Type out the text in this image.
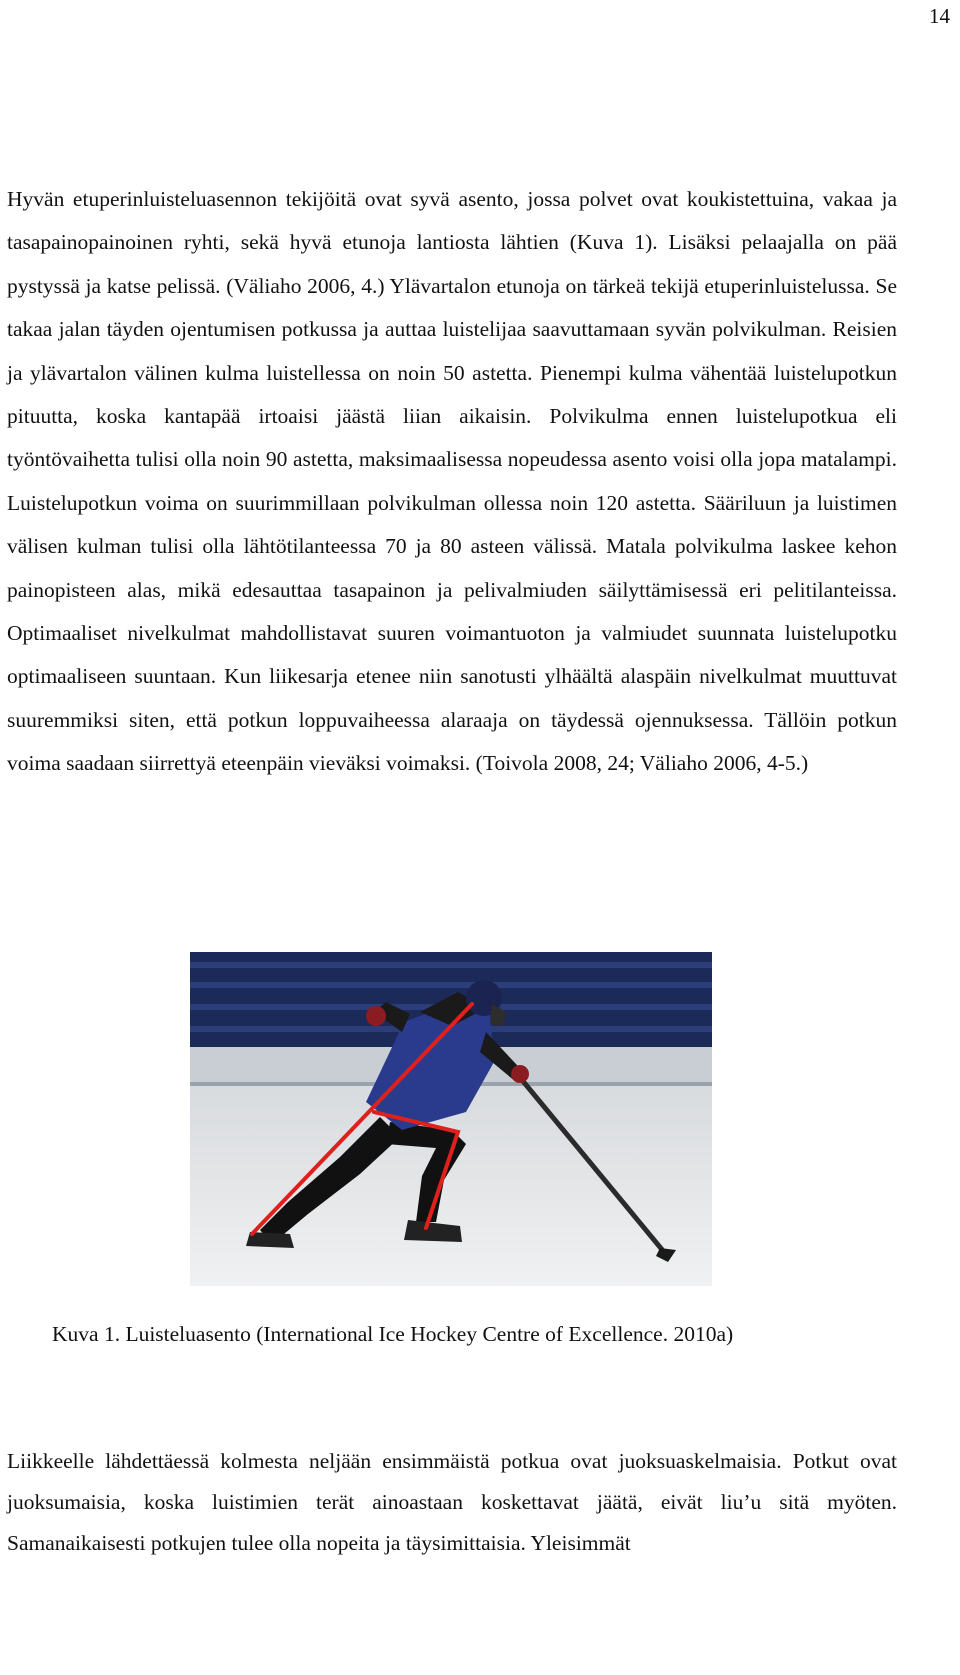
14

Hyvän etuperinluisteluasennon tekijöitä ovat syvä asento, jossa polvet ovat koukistettuina, vakaa ja tasapainopainoinen ryhti, sekä hyvä etunoja lantiosta lähtien (Kuva 1). Lisäksi pelaajalla on pää pystyssä ja katse pelissä. (Väliaho 2006, 4.) Ylävartalon etunoja on tärkeä tekijä etuperinluistelussa. Se takaa jalan täyden ojentumisen potkussa ja auttaa luistelijaa saavuttamaan syvän polvikulman. Reisien ja ylävartalon välinen kulma luistellessa on noin 50 astetta. Pienempi kulma vähentää luistelupotkun pituutta, koska kantapää irtoaisi jäästä liian aikaisin. Polvikulma ennen luistelupotkua eli työntövaihetta tulisi olla noin 90 astetta, maksimaalisessa nopeudessa asento voisi olla jopa matalampi. Luistelupotkun voima on suurimmillaan polvikulman ollessa noin 120 astetta. Sääriluun ja luistimen välisen kulman tulisi olla lähtötilanteessa 70 ja 80 asteen välissä. Matala polvikulma laskee kehon painopisteen alas, mikä edesauttaa tasapainon ja pelivalmiuden säilyttämisessä eri pelitilanteissa. Optimaaliset nivelkulmat mahdollistavat suuren voimantuoton ja valmiudet suunnata luistelupotku optimaaliseen suuntaan. Kun liikesarja etenee niin sanotusti ylhäältä alaspäin nivelkulmat muuttuvat suuremmiksi siten, että potkun loppuvaiheessa alaraaja on täydessä ojennuksessa. Tällöin potkun voima saadaan siirrettyä eteenpäin vieväksi voimaksi. (Toivola 2008, 24; Väliaho 2006, 4-5.)

Kuva 1. Luisteluasento (International Ice Hockey Centre of Excellence. 2010a)

Liikkeelle lähdettäessä kolmesta neljään ensimmäistä potkua ovat juoksuaskelmaisia. Potkut ovat juoksumaisia, koska luistimien terät ainoastaan koskettavat jäätä, eivät liu’u sitä myöten. Samanaikaisesti potkujen tulee olla nopeita ja täysimittaisia. Yleisimmät
